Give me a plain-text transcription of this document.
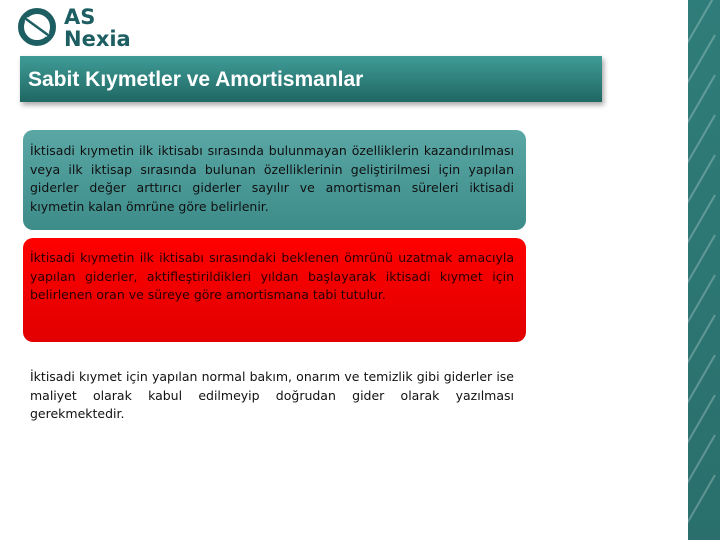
AS
Nexia
Sabit Kıymetler ve Amortismanlar
İktisadi kıymetin ilk iktisabı sırasında bulunmayan özelliklerin kazandırılması veya ilk iktisap sırasında bulunan özelliklerinin geliştirilmesi için yapılan giderler değer arttırıcı giderler sayılır ve amortisman süreleri iktisadi kıymetin kalan ömrüne göre belirlenir.
İktisadi kıymetin ilk iktisabı sırasındaki beklenen ömrünü uzatmak amacıyla yapılan giderler, aktifleştirildikleri yıldan başlayarak iktisadi kıymet için belirlenen oran ve süreye göre amortismana tabi tutulur.
İktisadi kıymet için yapılan normal bakım, onarım ve temizlik gibi giderler ise maliyet olarak kabul edilmeyip doğrudan gider olarak yazılması gerekmektedir.
